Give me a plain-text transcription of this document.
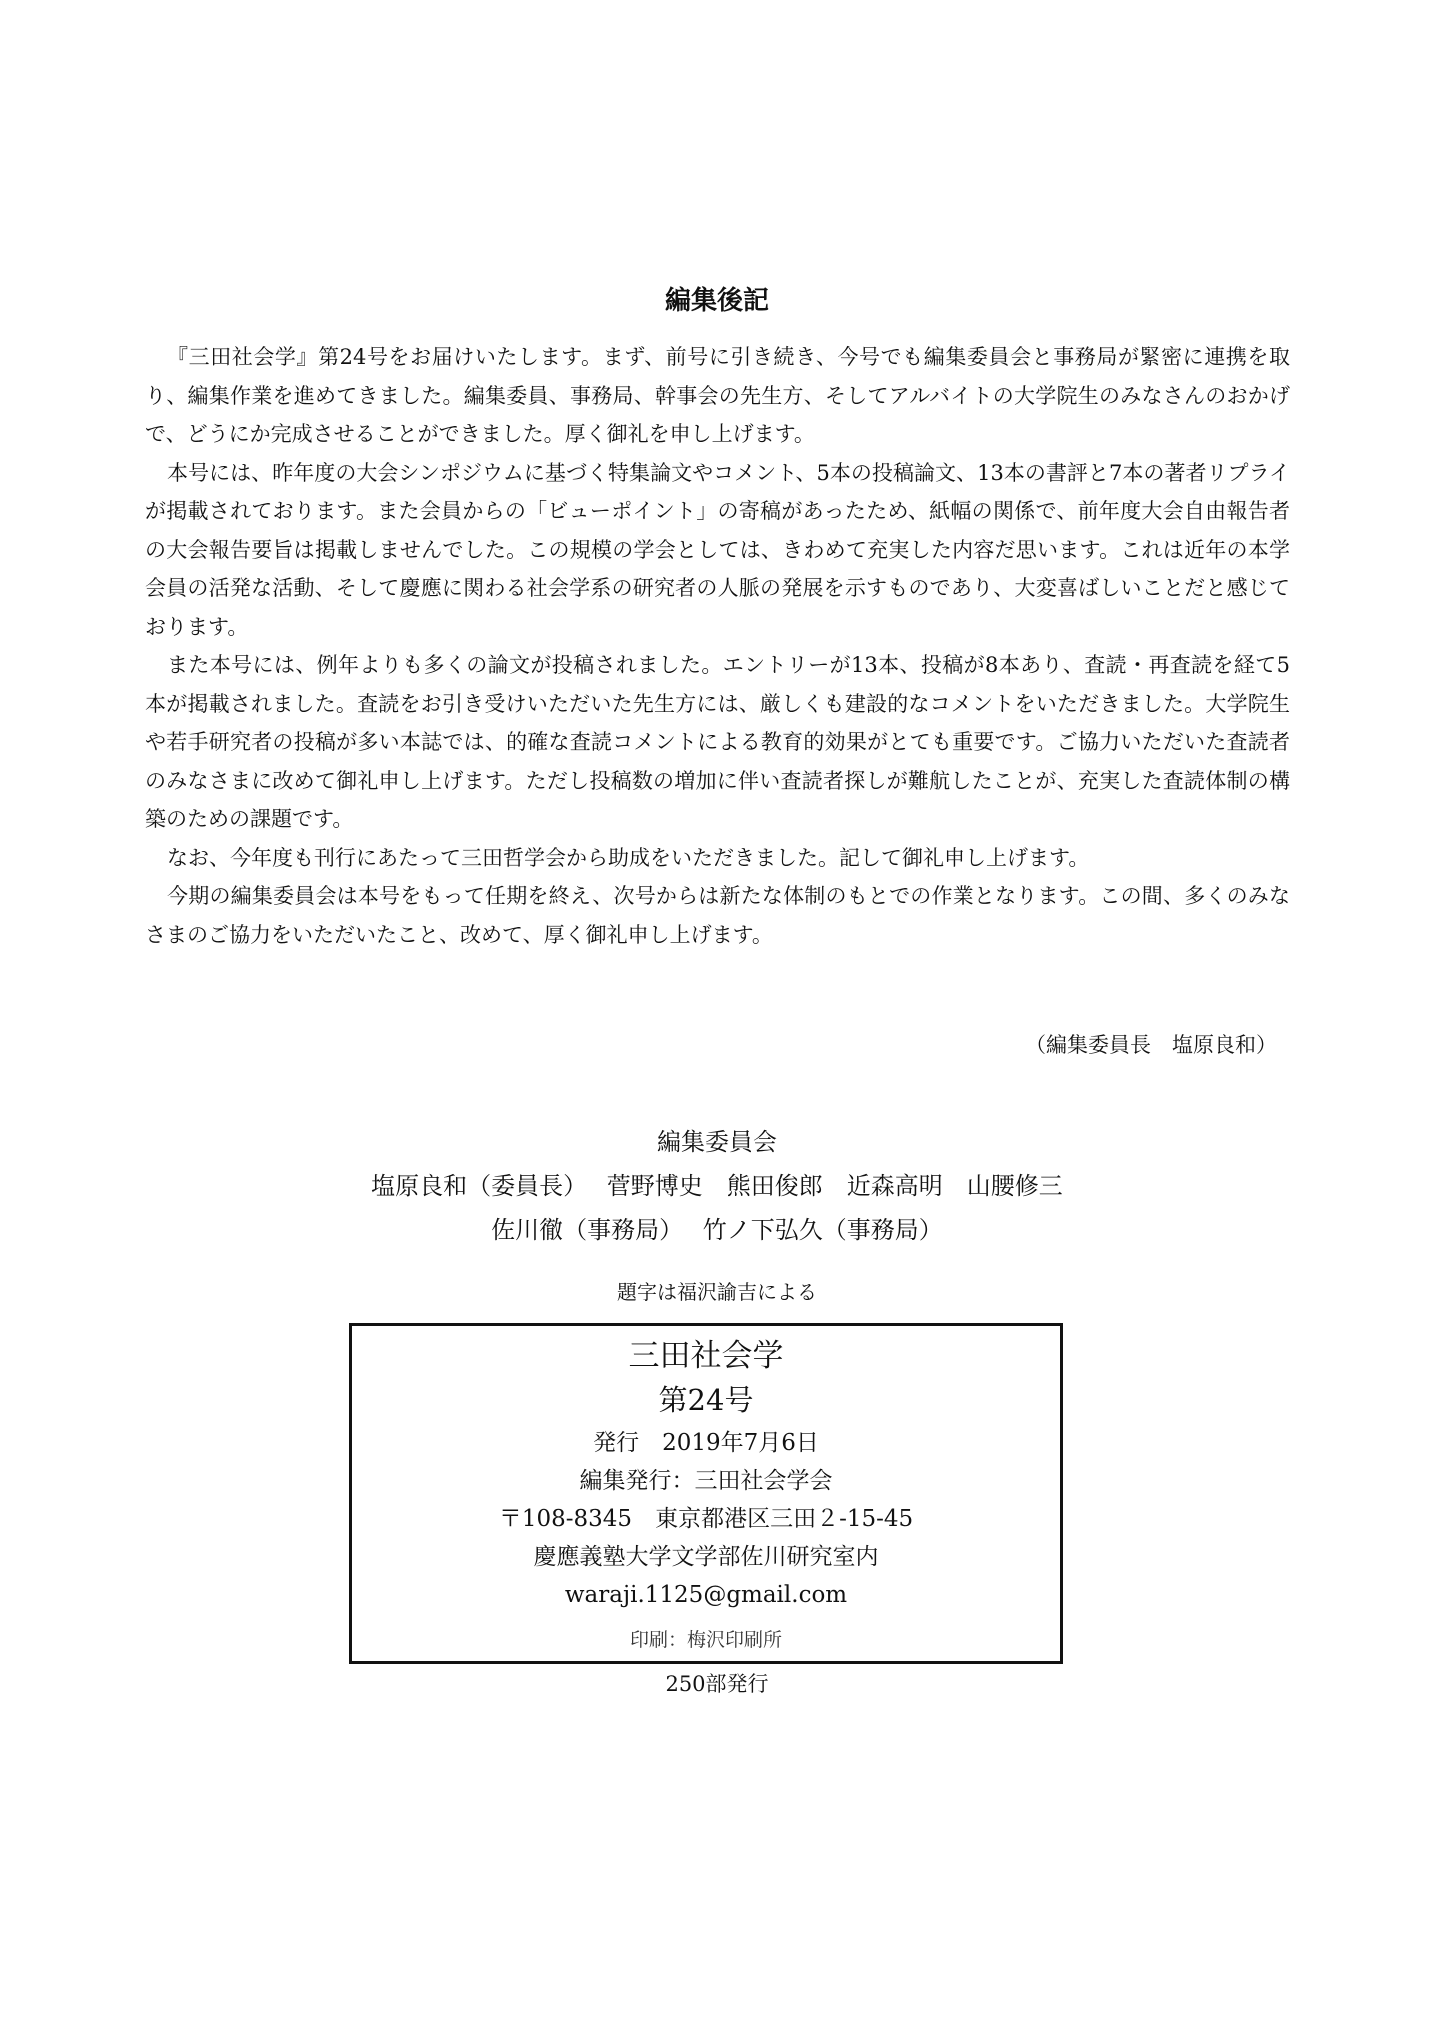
編集後記

『三田社会学』第24号をお届けいたします。まず、前号に引き続き、今号でも編集委員会と事務局が緊密に連携を取り、編集作業を進めてきました。編集委員、事務局、幹事会の先生方、そしてアルバイトの大学院生のみなさんのおかげで、どうにか完成させることができました。厚く御礼を申し上げます。

本号には、昨年度の大会シンポジウムに基づく特集論文やコメント、5本の投稿論文、13本の書評と7本の著者リプライが掲載されております。また会員からの「ビューポイント」の寄稿があったため、紙幅の関係で、前年度大会自由報告者の大会報告要旨は掲載しませんでした。この規模の学会としては、きわめて充実した内容だ思います。これは近年の本学会員の活発な活動、そして慶應に関わる社会学系の研究者の人脈の発展を示すものであり、大変喜ばしいことだと感じております。

また本号には、例年よりも多くの論文が投稿されました。エントリーが13本、投稿が8本あり、査読・再査読を経て5本が掲載されました。査読をお引き受けいただいた先生方には、厳しくも建設的なコメントをいただきました。大学院生や若手研究者の投稿が多い本誌では、的確な査読コメントによる教育的効果がとても重要です。ご協力いただいた査読者のみなさまに改めて御礼申し上げます。ただし投稿数の増加に伴い査読者探しが難航したことが、充実した査読体制の構築のための課題です。

なお、今年度も刊行にあたって三田哲学会から助成をいただきました。記して御礼申し上げます。

今期の編集委員会は本号をもって任期を終え、次号からは新たな体制のもとでの作業となります。この間、多くのみなさまのご協力をいただいたこと、改めて、厚く御礼申し上げます。

（編集委員長　塩原良和）
編集委員会
塩原良和（委員長）　 菅野博史　熊田俊郎　近森高明　山腰修三
佐川徹（事務局）　 竹ノ下弘久（事務局）
題字は福沢諭吉による
三田社会学
第24号
発行　2019年7月6日
編集発行：三田社会学会
〒108-8345　東京都港区三田２-15-45
慶應義塾大学文学部佐川研究室内
waraji.1125@gmail.com
印刷：梅沢印刷所
250部発行
